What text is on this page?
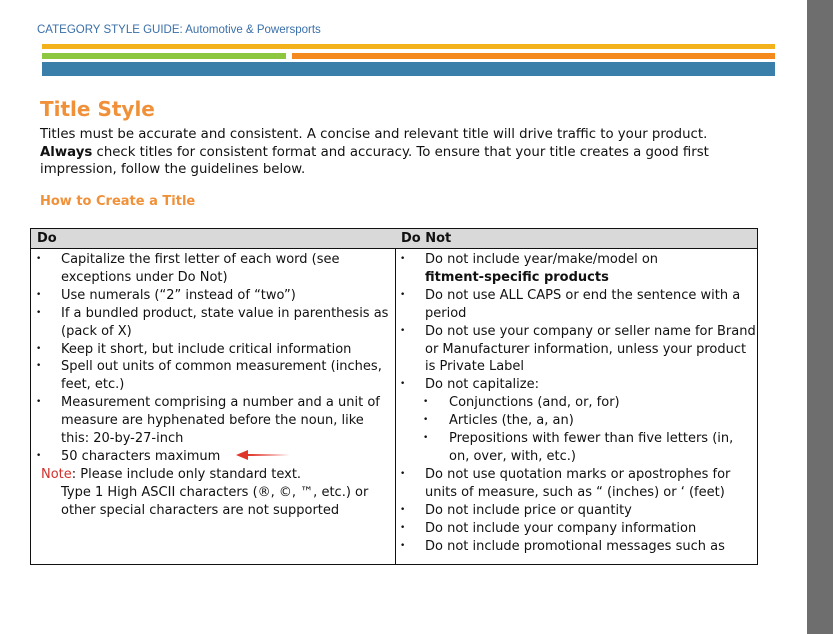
CATEGORY STYLE GUIDE: Automotive & Powersports
Title Style
Titles must be accurate and consistent. A concise and relevant title will drive traffic to your product. Always check titles for consistent format and accuracy. To ensure that your title creates a good first impression, follow the guidelines below.
How to Create a Title
Do
• Capitalize the first letter of each word (see exceptions under Do Not)
• Use numerals (“2” instead of “two”)
• If a bundled product, state value in parenthesis as (pack of X)
• Keep it short, but include critical information
• Spell out units of common measurement (inches, feet, etc.)
• Measurement comprising a number and a unit of measure are hyphenated before the noun, like this: 20-by-27-inch
• 50 characters maximum
Note: Please include only standard text.
Type 1 High ASCII characters (®, ©, ™, etc.) or other special characters are not supported
Do Not
• Do not include year/make/model on
fitment-specific products
• Do not use ALL CAPS or end the sentence with a period
• Do not use your company or seller name for Brand or Manufacturer information, unless your product is Private Label
• Do not capitalize:
• Conjunctions (and, or, for)
• Articles (the, a, an)
• Prepositions with fewer than five letters (in, on, over, with, etc.)
• Do not use quotation marks or apostrophes for units of measure, such as “ (inches) or ‘ (feet)
• Do not include price or quantity
• Do not include your company information
• Do not include promotional messages such as
